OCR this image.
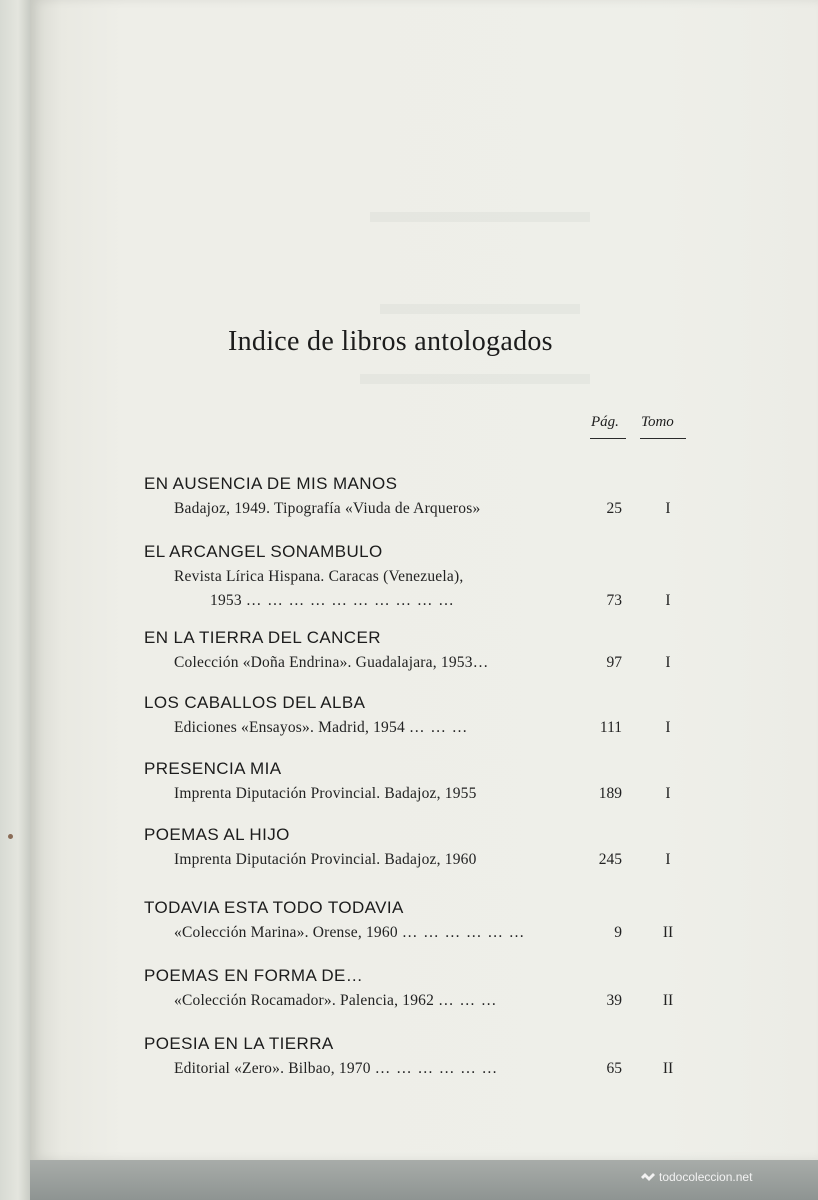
Indice de libros antologados
Pág. Tomo
EN AUSENCIA DE MIS MANOS
Badajoz, 1949. Tipografía «Viuda de Arqueros»	25	I
EL ARCANGEL SONAMBULO
Revista Lírica Hispana. Caracas (Venezuela),
1953 … … … … … … … … … …	73	I
EN LA TIERRA DEL CANCER
Colección «Doña Endrina». Guadalajara, 1953…	97	I
LOS CABALLOS DEL ALBA
Ediciones «Ensayos». Madrid, 1954 … … …	111	I
PRESENCIA MIA
Imprenta Diputación Provincial. Badajoz, 1955	189	I
POEMAS AL HIJO
Imprenta Diputación Provincial. Badajoz, 1960	245	I
TODAVIA ESTA TODO TODAVIA
«Colección Marina». Orense, 1960 … … … … … …	9	II
POEMAS EN FORMA DE…
«Colección Rocamador». Palencia, 1962 … … …	39	II
POESIA EN LA TIERRA
Editorial «Zero». Bilbao, 1970 … … … … … …	65	II
todocoleccion.net
